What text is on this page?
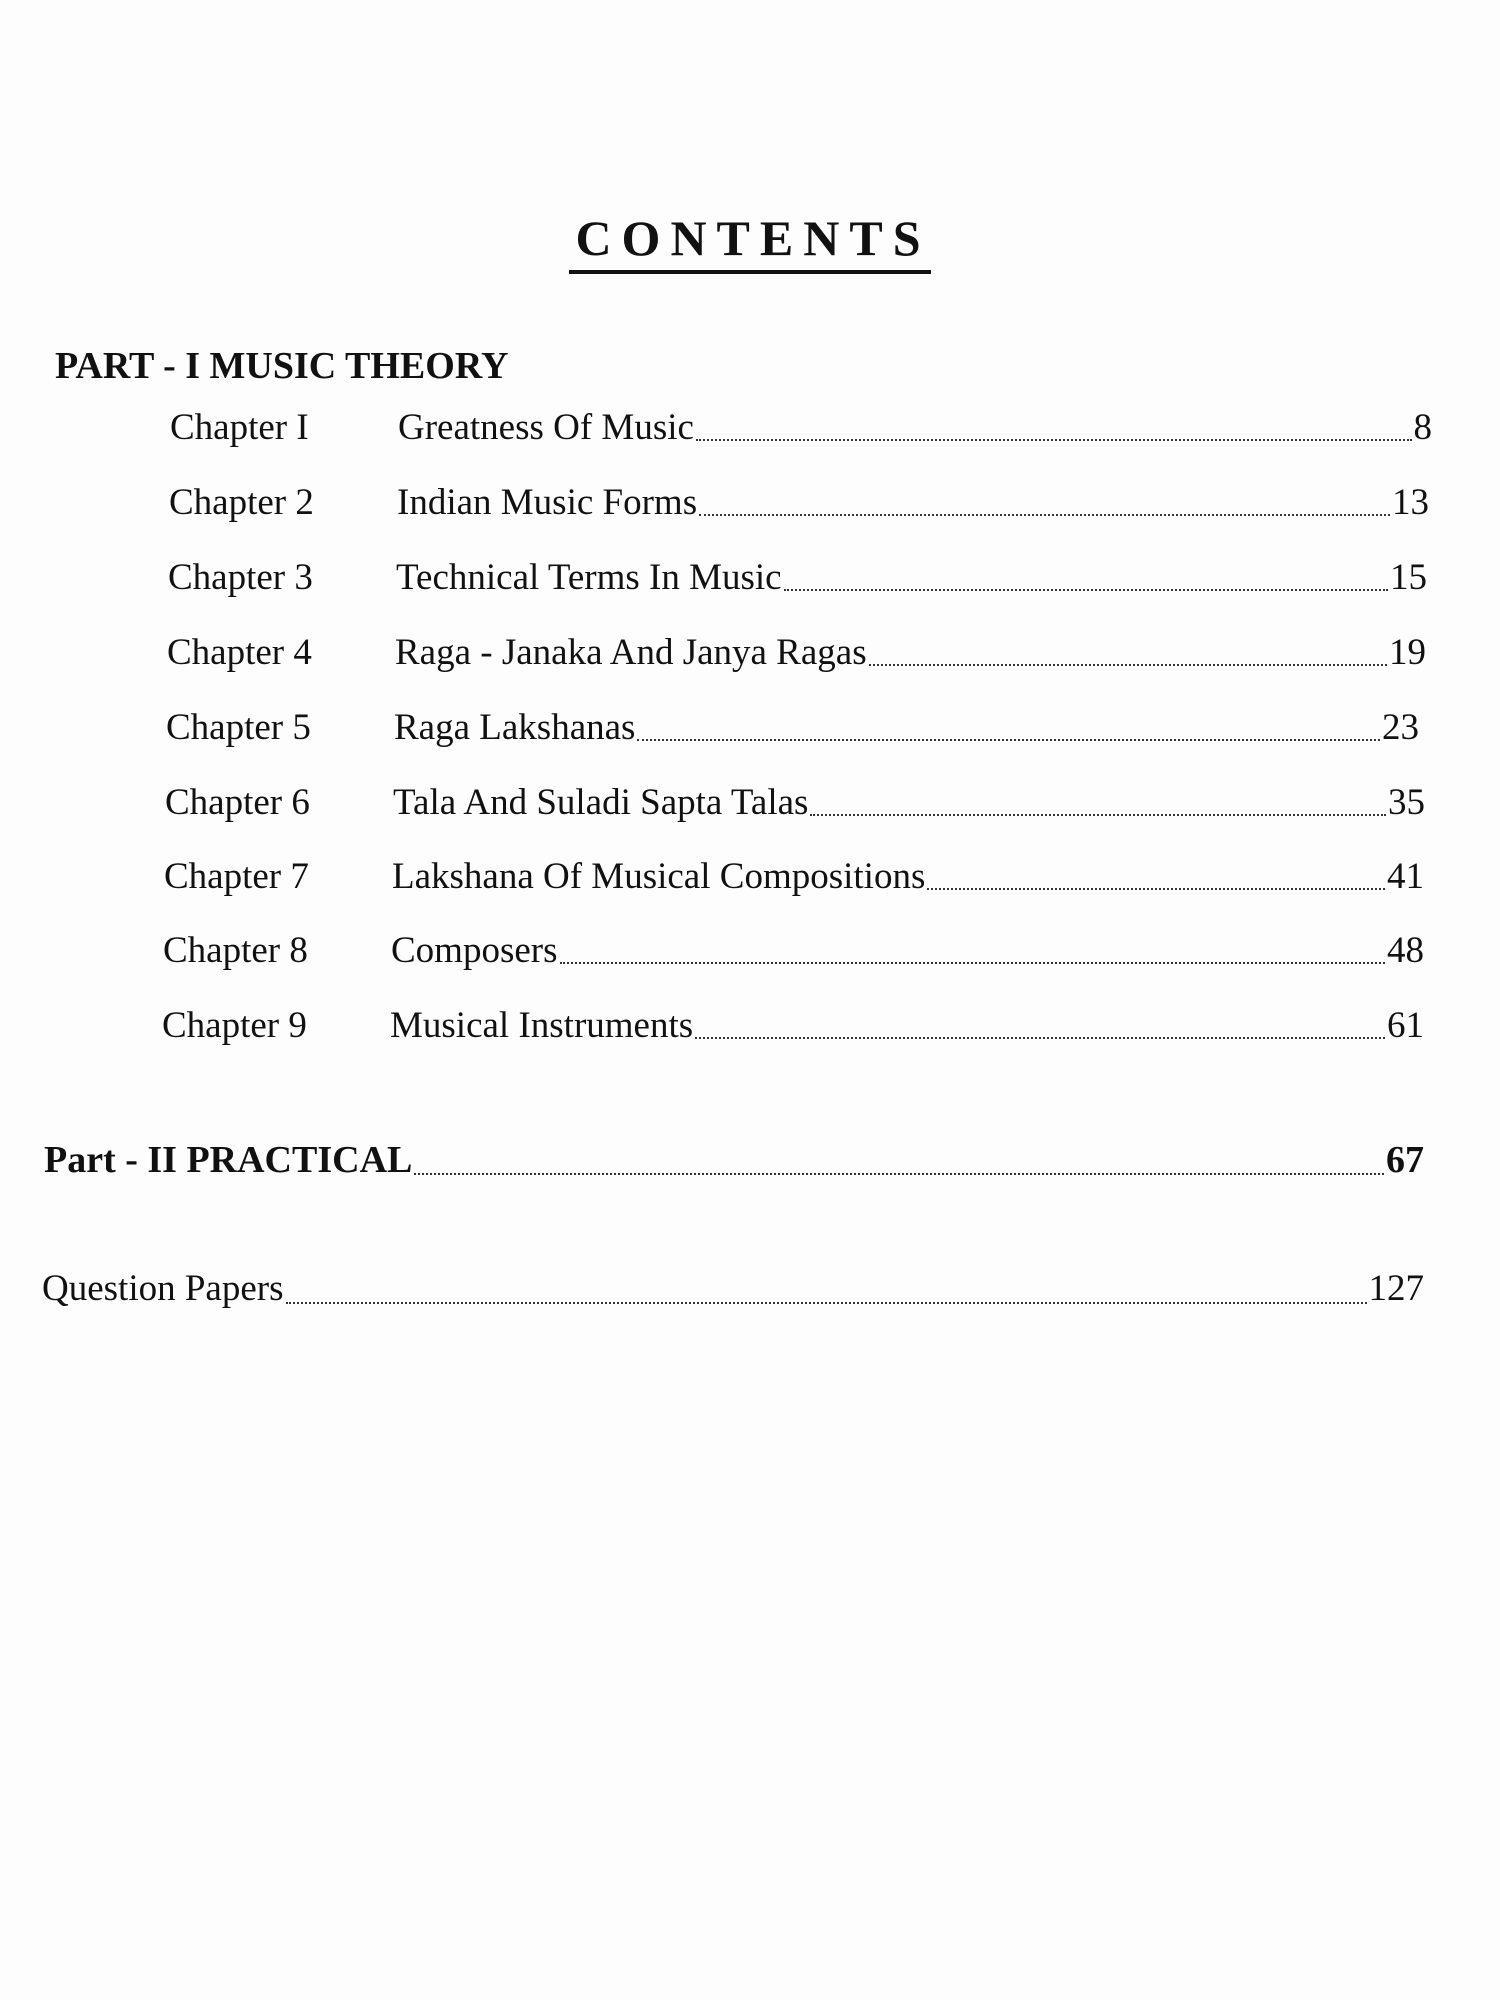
CONTENTS
PART - I MUSIC THEORY
Chapter I	Greatness Of Music	8
Chapter 2	Indian Music Forms	13
Chapter 3	Technical Terms In Music	15
Chapter 4	Raga - Janaka And Janya Ragas	19
Chapter 5	Raga Lakshanas	23
Chapter 6	Tala And Suladi Sapta Talas	35
Chapter 7	Lakshana Of Musical Compositions	41
Chapter 8	Composers	48
Chapter 9	Musical Instruments	61
Part - II PRACTICAL	67
Question Papers	127
